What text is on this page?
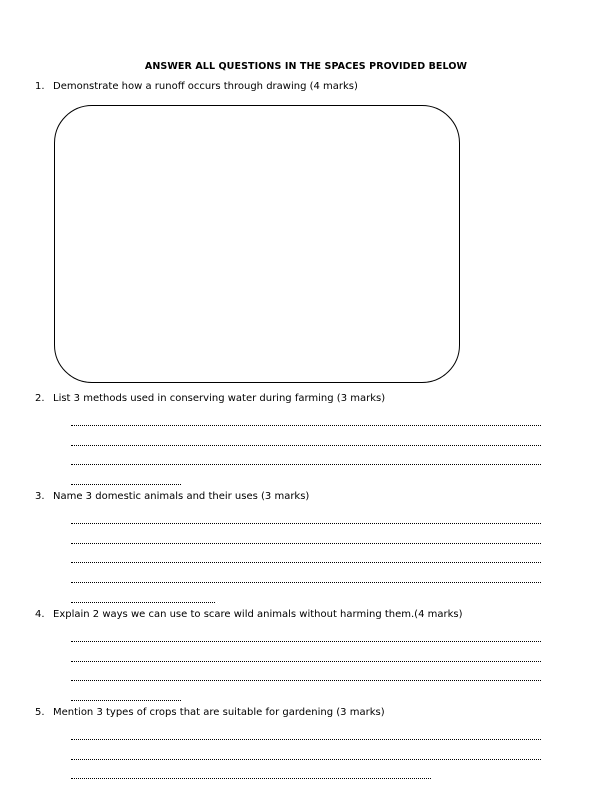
ANSWER ALL QUESTIONS IN THE SPACES PROVIDED BELOW
1. Demonstrate how a runoff occurs through drawing (4 marks)
2. List 3 methods used in conserving water during farming (3 marks)
3. Name 3 domestic animals and their uses (3 marks)
4. Explain 2 ways we can use to scare wild animals without harming them.(4 marks)
5. Mention 3 types of crops that are suitable for gardening (3 marks)
